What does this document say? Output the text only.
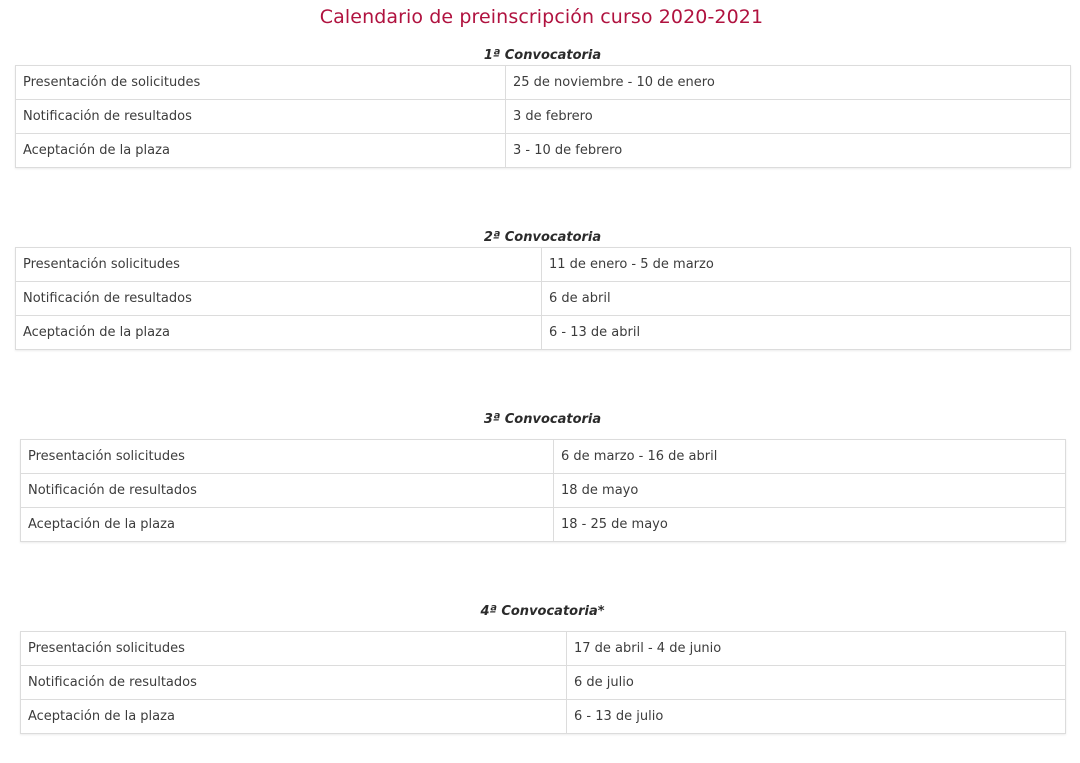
Calendario de preinscripción curso 2020-2021
1ª Convocatoria
Presentación de solicitudes	25 de noviembre - 10 de enero
Notificación de resultados	3 de febrero
Aceptación de la plaza	3 - 10 de febrero
2ª Convocatoria
Presentación solicitudes	11 de enero - 5 de marzo
Notificación de resultados	6 de abril
Aceptación de la plaza	6 - 13 de abril
3ª Convocatoria
Presentación solicitudes	6 de marzo - 16 de abril
Notificación de resultados	18 de mayo
Aceptación de la plaza	18 - 25 de mayo
4ª Convocatoria*
Presentación solicitudes	17 de abril - 4 de junio
Notificación de resultados	6 de julio
Aceptación de la plaza	6 - 13 de julio
